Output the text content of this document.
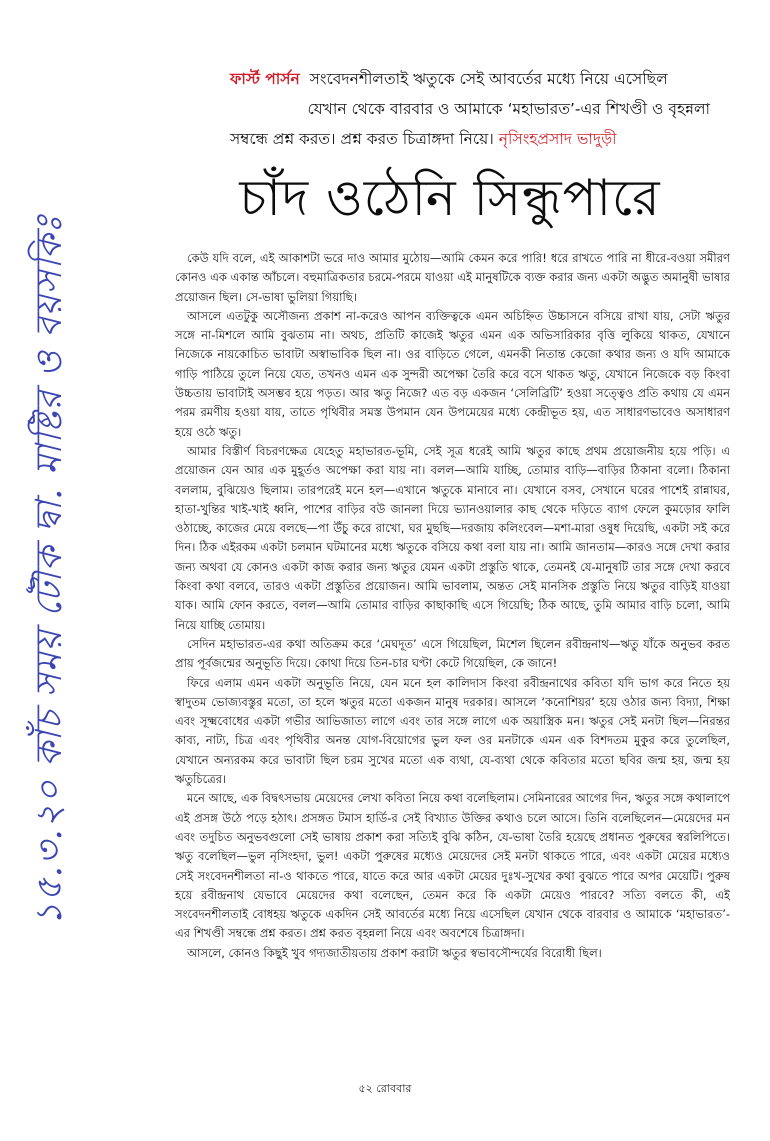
১৫.৩.২০ কাঁচ সময় টৌক দ্বা. মাষ্টির ও বয়সকিঃ
ফার্স্ট পার্সন সংবেদনশীলতাই ঋতুকে সেই আবর্তের মধ্যে নিয়ে এসেছিল
যেখান থেকে বারবার ও আমাকে ‘মহাভারত’-এর শিখণ্ডী ও বৃহন্নলা
সম্বন্ধে প্রশ্ন করত। প্রশ্ন করত চিত্রাঙ্গদা নিয়ে। নৃসিংহপ্রসাদ ভাদুড়ী
চাঁদ ওঠেনি সিন্ধুপারে

কেউ যদি বলে, এই আকাশটা ভরে দাও আমার মুঠোয়—আমি কেমন করে পারি! ধরে রাখতে পারি না ধীরে-বওয়া সমীরণ কোনও এক একান্ত আঁচলে। বহুমাত্রিকতার চরমে-পরমে যাওয়া এই মানুষটিকে ব্যক্ত করার জন্য একটা অদ্ভুত অমানুষী ভাষার প্রয়োজন ছিল। সে-ভাষা ভুলিয়া গিয়াছি।

আসলে এতটুকু অসৌজন্য প্রকাশ না-করেও আপন ব্যক্তিত্বকে এমন অচিহ্নিত উচ্চাসনে বসিয়ে রাখা যায়, সেটা ঋতুর সঙ্গে না-মিশলে আমি বুঝতাম না। অথচ, প্রতিটি কাজেই ঋতুর এমন এক অভিসারিকার বৃত্তি লুকিয়ে থাকত, যেখানে নিজেকে নায়কোচিত ভাবাটা অস্বাভাবিক ছিল না। ওর বাড়িতে গেলে, এমনকী নিতান্ত কেজো কথার জন্য ও যদি আমাকে গাড়ি পাঠিয়ে তুলে নিয়ে যেত, তখনও এমন এক সুন্দরী অপেক্ষা তৈরি করে বসে থাকত ঋতু, যেখানে নিজেকে বড় কিংবা উচ্চতায় ভাবাটাই অসম্ভব হয়ে পড়ত। আর ঋতু নিজে? এত বড় একজন ‘সেলিব্রিটি’ হওয়া সত্ত্বেও প্রতি কথায় যে এমন পরম রমণীয় হওয়া যায়, তাতে পৃথিবীর সমস্ত উপমান যেন উপমেয়ের মধ্যে কেন্দ্রীভূত হয়, এত সাধারণভাবেও অসাধারণ হয়ে ওঠে ঋতু।

আমার বিস্তীর্ণ বিচরণক্ষেত্র যেহেতু মহাভারত-ভূমি, সেই সূত্র ধরেই আমি ঋতুর কাছে প্রথম প্রয়োজনীয় হয়ে পড়ি। এ প্রয়োজন যেন আর এক মুহূর্তও অপেক্ষা করা যায় না। বলল—আমি যাচ্ছি, তোমার বাড়ি—বাড়ির ঠিকানা বলো। ঠিকানা বললাম, বুঝিয়েও ছিলাম। তারপরেই মনে হল—এখানে ঋতুকে মানাবে না। যেখানে বসব, সেখানে ঘরের পাশেই রান্নাঘর, হাতা-খুন্তির খাই-খাই ধ্বনি, পাশের বাড়ির বউ জানলা দিয়ে ভ্যানওয়ালার কাছ থেকে দড়িতে ব্যাগ ফেলে কুমড়োর ফালি ওঠাচ্ছে, কাজের মেয়ে বলছে—পা উঁচু করে রাখো, ঘর মুছছি—দরজায় কলিংবেল—মশা-মারা ওষুধ দিয়েছি, একটা সই করে দিন। ঠিক এইরকম একটা চলমান ঘটমানের মধ্যে ঋতুকে বসিয়ে কথা বলা যায় না। আমি জানতাম—কারও সঙ্গে দেখা করার জন্য অথবা যে কোনও একটা কাজ করার জন্য ঋতুর যেমন একটা প্রস্তুতি থাকে, তেমনই যে-মানুষটি তার সঙ্গে দেখা করবে কিংবা কথা বলবে, তারও একটা প্রস্তুতির প্রয়োজন। আমি ভাবলাম, অন্তত সেই মানসিক প্রস্তুতি নিয়ে ঋতুর বাড়িই যাওয়া যাক। আমি ফোন করতে, বলল—আমি তোমার বাড়ির কাছাকাছি এসে গিয়েছি; ঠিক আছে, তুমি আমার বাড়ি চলো, আমি নিয়ে যাচ্ছি তোমায়।

সেদিন মহাভারত-এর কথা অতিক্রম করে ‘মেঘদূত’ এসে গিয়েছিল, মিশেল ছিলেন রবীন্দ্রনাথ—ঋতু যাঁকে অনুভব করত প্রায় পূর্বজন্মের অনুভূতি দিয়ে। কোথা দিয়ে তিন-চার ঘণ্টা কেটে গিয়েছিল, কে জানে!

ফিরে এলাম এমন একটা অনুভূতি নিয়ে, যেন মনে হল কালিদাস কিংবা রবীন্দ্রনাথের কবিতা যদি ভাগ করে নিতে হয় স্বাদুতম ভোজ্যবস্তুর মতো, তা হলে ঋতুর মতো একজন মানুষ দরকার। আসলে ‘কনোশিয়র’ হয়ে ওঠার জন্য বিদ্যা, শিক্ষা এবং সূক্ষ্মবোধের একটা গভীর আভিজাত্য লাগে এবং তার সঙ্গে লাগে এক অয়াস্ত্রিক মন। ঋতুর সেই মনটা ছিল—নিরন্তর কাব্য, নাট্য, চিত্র এবং পৃথিবীর অনন্ত যোগ-বিয়োগের ভুল ফল ওর মনটাকে এমন এক বিশদতম মুকুর করে তুলেছিল, যেখানে অন্যরকম করে ভাবাটা ছিল চরম সুখের মতো এক ব্যথা, যে-ব্যথা থেকে কবিতার মতো ছবির জন্ম হয়, জন্ম হয় ঋতুচিত্রের।

মনে আছে, এক বিদ্বৎসভায় মেয়েদের লেখা কবিতা নিয়ে কথা বলেছিলাম। সেমিনারের আগের দিন, ঋতুর সঙ্গে কথালাপে এই প্রসঙ্গ উঠে পড়ে হঠাৎ। প্রসঙ্গত টমাস হার্ডি-র সেই বিখ্যাত উক্তির কথাও চলে আসে। তিনি বলেছিলেন—মেয়েদের মন এবং তদুচিত অনুভবগুলো সেই ভাষায় প্রকাশ করা সত্যিই বুঝি কঠিন, যে-ভাষা তৈরি হয়েছে প্রধানত পুরুষের স্বরলিপিতে। ঋতু বলেছিল—ভুল নৃসিংহদা, ভুল! একটা পুরুষের মধ্যেও মেয়েদের সেই মনটা থাকতে পারে, এবং একটা মেয়ের মধ্যেও সেই সংবেদনশীলতা না-ও থাকতে পারে, যাতে করে আর একটা মেয়ের দুঃখ-সুখের কথা বুঝতে পারে অপর মেয়েটি। পুরুষ হয়ে রবীন্দ্রনাথ যেভাবে মেয়েদের কথা বলেছেন, তেমন করে কি একটা মেয়েও পারবে? সত্যি বলতে কী, এই সংবেদনশীলতাই বোধহয় ঋতুকে একদিন সেই আবর্তের মধ্যে নিয়ে এসেছিল যেখান থেকে বারবার ও আমাকে ‘মহাভারত’-এর শিখণ্ডী সম্বন্ধে প্রশ্ন করত। প্রশ্ন করত বৃহন্নলা নিয়ে এবং অবশেষে চিত্রাঙ্গদা।

আসলে, কোনও কিছুই খুব গদ্যজাতীয়তায় প্রকাশ করাটা ঋতুর স্বভাবসৌন্দর্যের বিরোধী ছিল।

৫২ রোববার
